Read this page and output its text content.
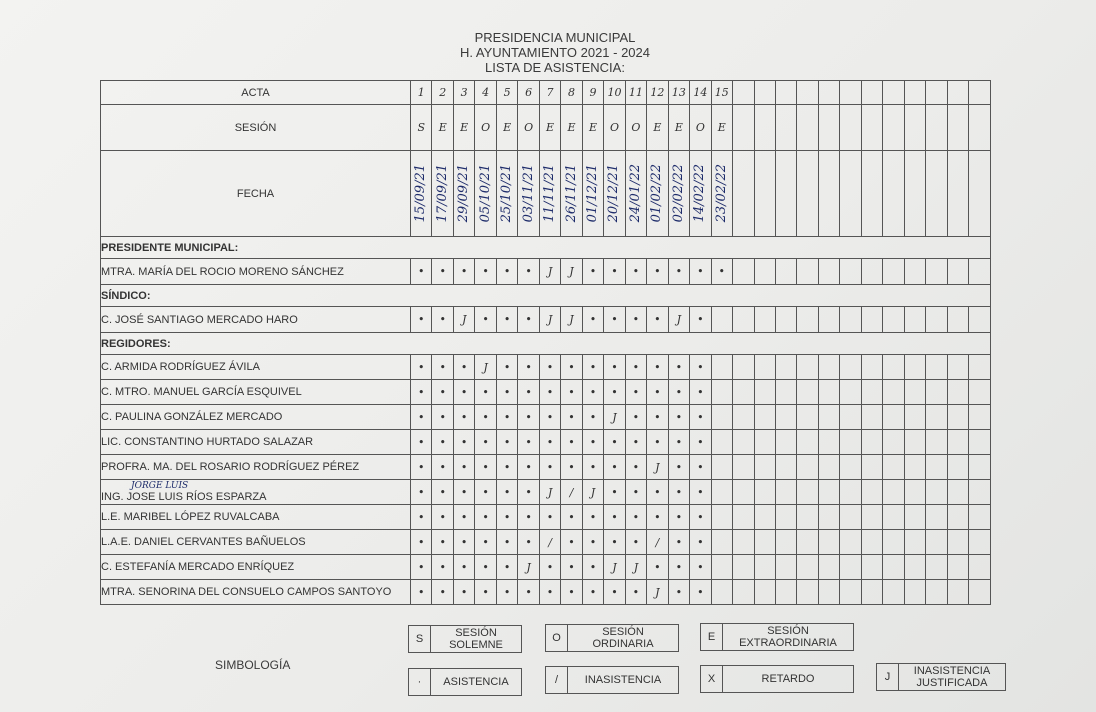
PRESIDENCIA MUNICIPAL
H. AYUNTAMIENTO 2021 - 2024
LISTA DE ASISTENCIA:
ACTA	1	2	3	4	5	6	7	8	9	10	11	12	13	14	15												
SESIÓN	S	E	E	O	E	O	E	E	E	O	O	E	E	O	E												
FECHA	15/09/21	17/09/21	29/09/21	05/10/21	25/10/21	03/11/21	11/11/21	26/11/21	01/12/21	20/12/21	24/01/22	01/02/22	02/02/22	14/02/22	23/02/22												

PRESIDENTE MUNICIPAL:																											
MTRA. MARÍA DEL ROCIO MORENO SÁNCHEZ	•	•	•	•	•	•	J	J	•	•	•	•	•	•	•												
SÍNDICO:																											
C. JOSÉ SANTIAGO MERCADO HARO	•	•	J	•	•	•	J	J	•	•	•	•	J	•													
REGIDORES:																											
C. ARMIDA RODRÍGUEZ ÁVILA	•	•	•	J	•	•	•	•	•	•	•	•	•	•													
C. MTRO. MANUEL GARCÍA ESQUIVEL	•	•	•	•	•	•	•	•	•	•	•	•	•	•													
C. PAULINA GONZÁLEZ MERCADO	•	•	•	•	•	•	•	•	•	J	•	•	•	•													
LIC. CONSTANTINO HURTADO SALAZAR	•	•	•	•	•	•	•	•	•	•	•	•	•	•													
PROFRA. MA. DEL ROSARIO RODRÍGUEZ PÉREZ	•	•	•	•	•	•	•	•	•	•	•	J	•	•													

JORGE LUIS
ING. JOSE LUIS RÍOS ESPARZA	•	•	•	•	•	•	J	/	J	•	•	•	•	•													
L.E. MARIBEL LÓPEZ RUVALCABA	•	•	•	•	•	•	•	•	•	•	•	•	•	•													
L.A.E. DANIEL CERVANTES BAÑUELOS	•	•	•	•	•	•	/	•	•	•	•	/	•	•													
C. ESTEFANÍA MERCADO ENRÍQUEZ	•	•	•	•	•	J	•	•	•	J	J	•	•	•													
MTRA. SENORINA DEL CONSUELO CAMPOS SANTOYO	•	•	•	•	•	•	•	•	•	•	•	J	•	•													
SIMBOLOGÍA
S	SESIÓN
SOLEMNE
O	SESIÓN
ORDINARIA
E	SESIÓN
EXTRAORDINARIA
·	ASISTENCIA	/	INASISTENCIA	X	RETARDO	J	INASISTENCIA
JUSTIFICADA
